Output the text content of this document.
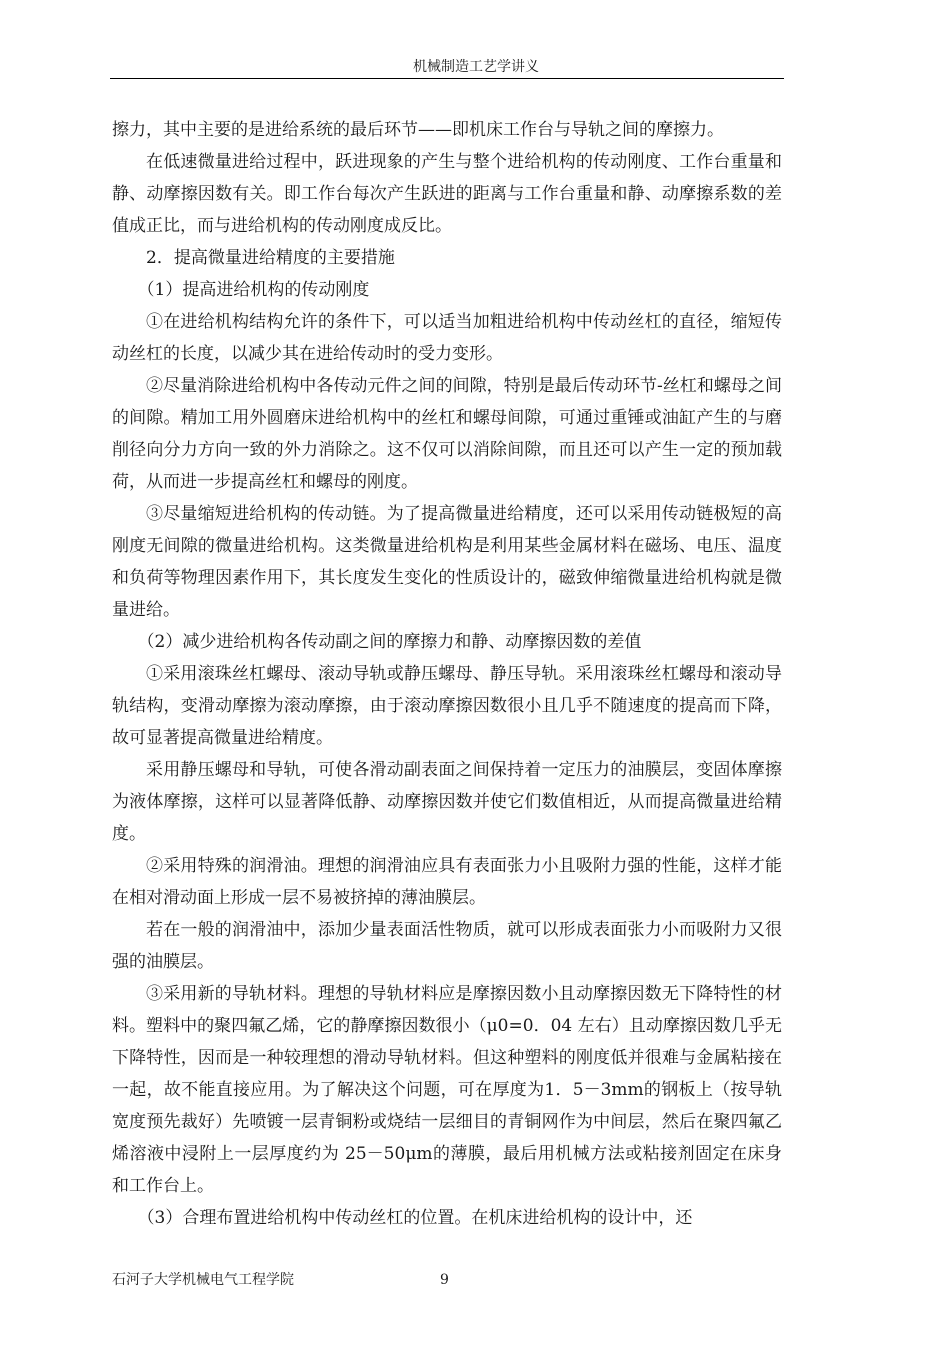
机械制造工艺学讲义

擦力，其中主要的是进给系统的最后环节——即机床工作台与导轨之间的摩擦力。

在低速微量进给过程中，跃进现象的产生与整个进给机构的传动刚度、工作台重量和静、动摩擦因数有关。即工作台每次产生跃进的距离与工作台重量和静、动摩擦系数的差值成正比，而与进给机构的传动刚度成反比。

2．提高微量进给精度的主要措施

（1）提高进给机构的传动刚度

①在进给机构结构允许的条件下，可以适当加粗进给机构中传动丝杠的直径，缩短传动丝杠的长度，以减少其在进给传动时的受力变形。

②尽量消除进给机构中各传动元件之间的间隙，特别是最后传动环节-丝杠和螺母之间的间隙。精加工用外圆磨床进给机构中的丝杠和螺母间隙，可通过重锤或油缸产生的与磨削径向分力方向一致的外力消除之。这不仅可以消除间隙，而且还可以产生一定的预加载荷，从而进一步提高丝杠和螺母的刚度。

③尽量缩短进给机构的传动链。为了提高微量进给精度，还可以采用传动链极短的高刚度无间隙的微量进给机构。这类微量进给机构是利用某些金属材料在磁场、电压、温度和负荷等物理因素作用下，其长度发生变化的性质设计的，磁致伸缩微量进给机构就是微量进给。

（2）减少进给机构各传动副之间的摩擦力和静、动摩擦因数的差值

①采用滚珠丝杠螺母、滚动导轨或静压螺母、静压导轨。采用滚珠丝杠螺母和滚动导轨结构，变滑动摩擦为滚动摩擦，由于滚动摩擦因数很小且几乎不随速度的提高而下降，故可显著提高微量进给精度。

采用静压螺母和导轨，可使各滑动副表面之间保持着一定压力的油膜层，变固体摩擦为液体摩擦，这样可以显著降低静、动摩擦因数并使它们数值相近，从而提高微量进给精度。

②采用特殊的润滑油。理想的润滑油应具有表面张力小且吸附力强的性能，这样才能在相对滑动面上形成一层不易被挤掉的薄油膜层。

若在一般的润滑油中，添加少量表面活性物质，就可以形成表面张力小而吸附力又很强的油膜层。

③采用新的导轨材料。理想的导轨材料应是摩擦因数小且动摩擦因数无下降特性的材料。塑料中的聚四氟乙烯，它的静摩擦因数很小（μ0=0．04 左右）且动摩擦因数几乎无下降特性，因而是一种较理想的滑动导轨材料。但这种塑料的刚度低并很难与金属粘接在一起，故不能直接应用。为了解决这个问题，可在厚度为1．5－3mm的钢板上（按导轨宽度预先裁好）先喷镀一层青铜粉或烧结一层细目的青铜网作为中间层，然后在聚四氟乙烯溶液中浸附上一层厚度约为 25－50μm的薄膜，最后用机械方法或粘接剂固定在床身和工作台上。

（3）合理布置进给机构中传动丝杠的位置。在机床进给机构的设计中，还

石河子大学机械电气工程学院	9
